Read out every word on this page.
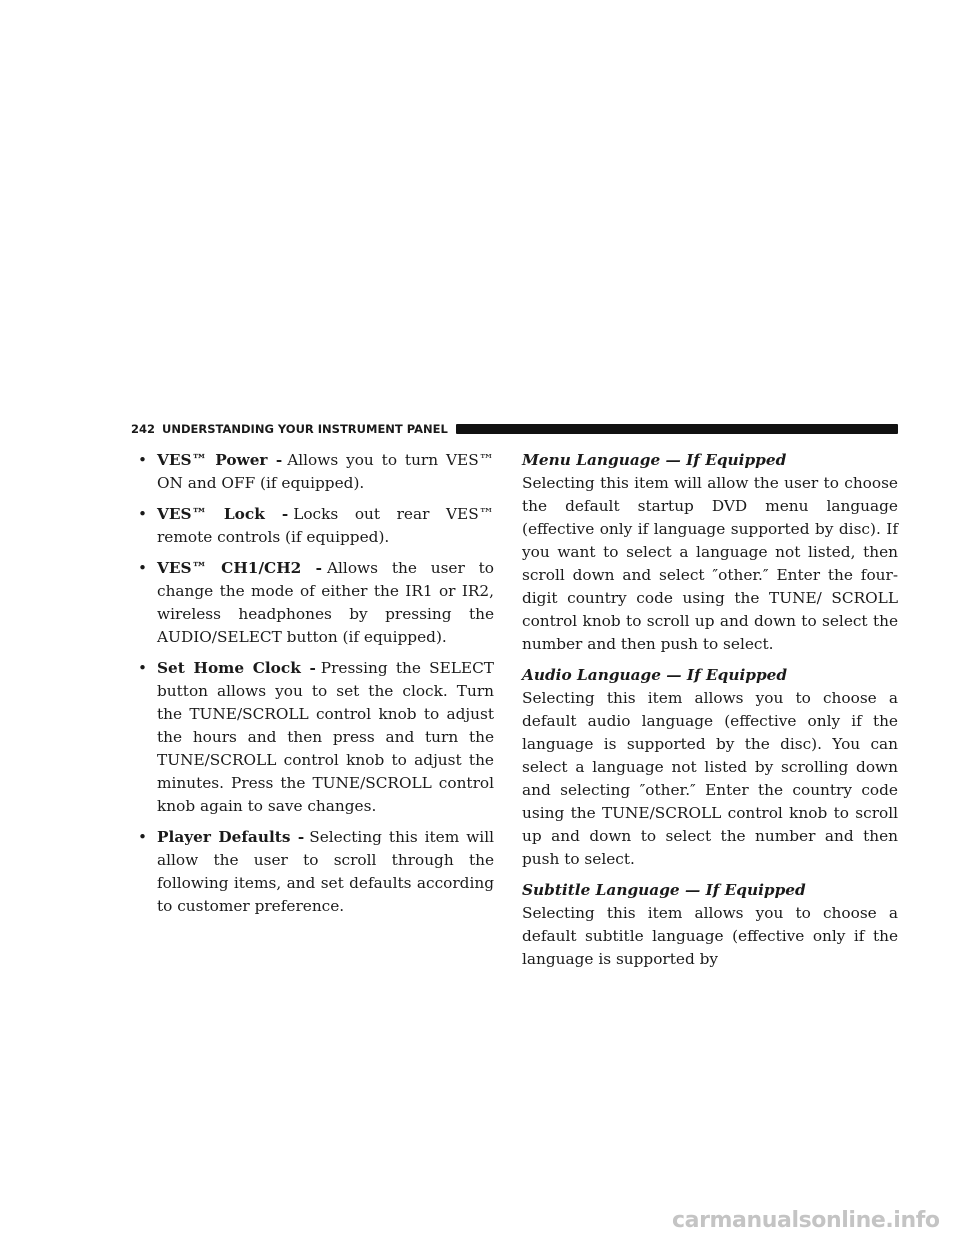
242 UNDERSTANDING YOUR INSTRUMENT PANEL
• VES™ Power - Allows you to turn VES™ ON and OFF (if equipped).
• VES™ Lock - Locks out rear VES™ remote controls (if equipped).
• VES™ CH1/CH2 - Allows the user to change the mode of either the IR1 or IR2, wireless headphones by pressing the AUDIO/SELECT button (if equipped).
• Set Home Clock - Pressing the SELECT button allows you to set the clock. Turn the TUNE/SCROLL control knob to adjust the hours and then press and turn the TUNE/SCROLL control knob to adjust the minutes. Press the TUNE/SCROLL control knob again to save changes.
• Player Defaults - Selecting this item will allow the user to scroll through the following items, and set defaults according to customer preference.

Menu Language — If Equipped

Selecting this item will allow the user to choose the default startup DVD menu language (effective only if language supported by disc). If you want to select a language not listed, then scroll down and select ″other.″ Enter the four-digit country code using the TUNE/ SCROLL control knob to scroll up and down to select the number and then push to select.

Audio Language — If Equipped

Selecting this item allows you to choose a default audio language (effective only if the language is supported by the disc). You can select a language not listed by scrolling down and selecting ″other.″ Enter the country code using the TUNE/SCROLL control knob to scroll up and down to select the number and then push to select.

Subtitle Language — If Equipped

Selecting this item allows you to choose a default subtitle language (effective only if the language is supported by

carmanualsonline.info
